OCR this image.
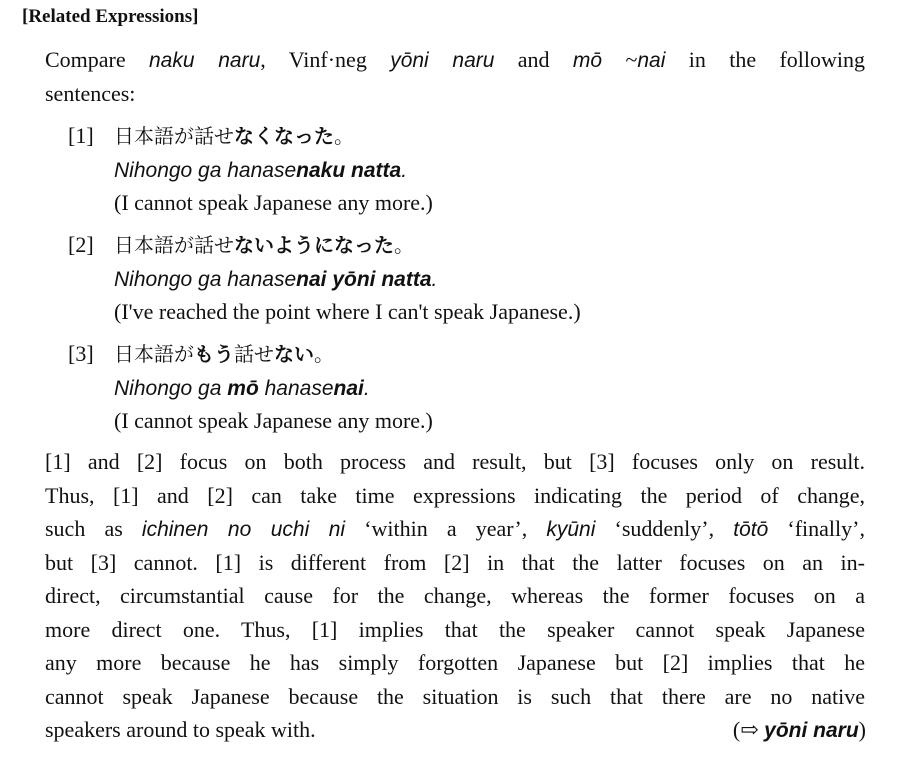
[Related Expressions]
Compare naku naru, Vinf·neg yōni naru and mō ~nai in the following
sentences:
[1] 日本語が話せなくなった。
Nihongo ga hanasenaku natta.
(I cannot speak Japanese any more.)
[2] 日本語が話せないようになった。
Nihongo ga hanasenai yōni natta.
(I've reached the point where I can't speak Japanese.)
[3] 日本語がもう話せない。
Nihongo ga mō hanasenai.
(I cannot speak Japanese any more.)
[1] and [2] focus on both process and result, but [3] focuses only on result.
Thus, [1] and [2] can take time expressions indicating the period of change,
such as ichinen no uchi ni ‘within a year’, kyūni ‘suddenly’, tōtō ‘finally’,
but [3] cannot. [1] is different from [2] in that the latter focuses on an in-
direct, circumstantial cause for the change, whereas the former focuses on a
more direct one. Thus, [1] implies that the speaker cannot speak Japanese
any more because he has simply forgotten Japanese but [2] implies that he
cannot speak Japanese because the situation is such that there are no native
speakers around to speak with.	(⇨ yōni naru)
